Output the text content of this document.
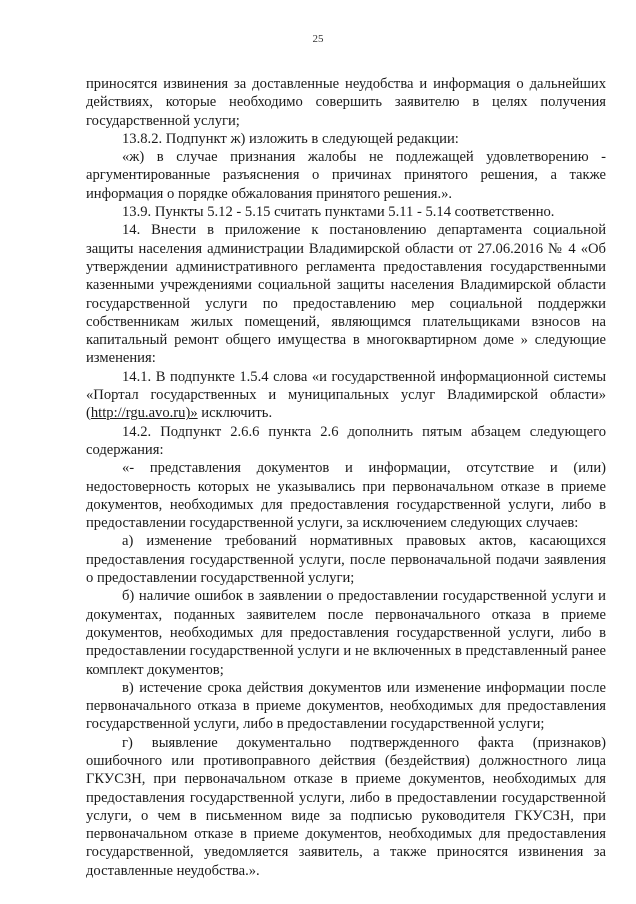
25

приносятся извинения за доставленные неудобства и информация о дальнейших действиях, которые необходимо совершить заявителю в целях получения государственной услуги;

13.8.2. Подпункт ж) изложить в следующей редакции:

«ж) в случае признания жалобы не подлежащей удовлетворению - аргументированные разъяснения о причинах принятого решения, а также информация о порядке обжалования принятого решения.».

13.9. Пункты 5.12 - 5.15 считать пунктами 5.11 - 5.14 соответственно.

14. Внести в приложение к постановлению департамента социальной защиты населения администрации Владимирской области от 27.06.2016 № 4 «Об утверждении административного регламента предоставления государственными казенными учреждениями социальной защиты населения Владимирской области государственной услуги по предоставлению мер социальной поддержки собственникам жилых помещений, являющимся плательщиками взносов на капитальный ремонт общего имущества в многоквартирном доме » следующие изменения:

14.1. В подпункте 1.5.4 слова «и государственной информационной системы «Портал государственных и муниципальных услуг Владимирской области» (http://rgu.avo.ru)» исключить.

14.2. Подпункт 2.6.6 пункта 2.6 дополнить пятым абзацем следующего содержания:

«- представления документов и информации, отсутствие и (или) недостоверность которых не указывались при первоначальном отказе в приеме документов, необходимых для предоставления государственной услуги, либо в предоставлении государственной услуги, за исключением следующих случаев:

а) изменение требований нормативных правовых актов, касающихся предоставления государственной услуги, после первоначальной подачи заявления о предоставлении государственной услуги;

б) наличие ошибок в заявлении о предоставлении государственной услуги и документах, поданных заявителем после первоначального отказа в приеме документов, необходимых для предоставления государственной услуги, либо в предоставлении государственной услуги и не включенных в представленный ранее комплект документов;

в) истечение срока действия документов или изменение информации после первоначального отказа в приеме документов, необходимых для предоставления государственной услуги, либо в предоставлении государственной услуги;

г) выявление документально подтвержденного факта (признаков) ошибочного или противоправного действия (бездействия) должностного лица ГКУСЗН, при первоначальном отказе в приеме документов, необходимых для предоставления государственной услуги, либо в предоставлении государственной услуги, о чем в письменном виде за подписью руководителя ГКУСЗН, при первоначальном отказе в приеме документов, необходимых для предоставления государственной, уведомляется заявитель, а также приносятся извинения за доставленные неудобства.».
